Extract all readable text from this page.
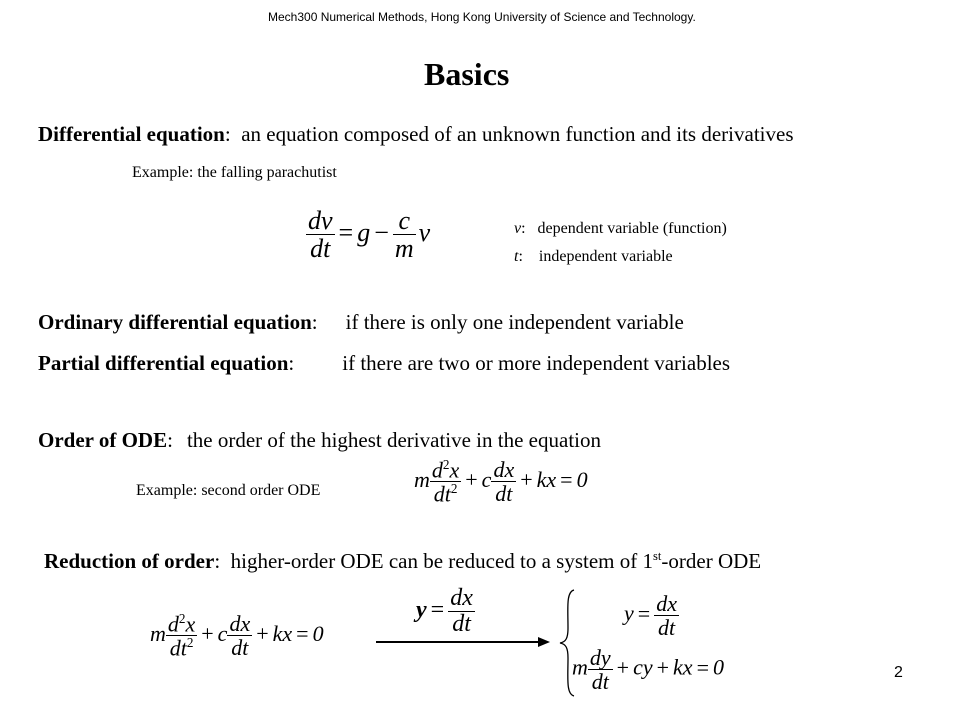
Mech300 Numerical Methods, Hong Kong University of Science and Technology.
Basics
Differential equation: an equation composed of an unknown function and its derivatives
Example: the falling parachutist
$\frac{dv}{dt} = g - \frac{c}{m}$ v	v:   dependent variable (function)
t:    independent variable
Ordinary differential equation: if there is only one independent variable
Partial differential equation: if there are two or more independent variables
Order of ODE: the order of the highest derivative in the equation
Example: second order ODE	m $\frac{d^2x}{dt^2} + c \frac{dx}{dt}$ + kx = 0
Reduction of order: higher-order ODE can be reduced to a system of 1st-order ODE
m $\frac{d^2x}{dt^2} + c \frac{dx}{dt}$ + kx = 0
$y = \frac{dx}{dt}$	$y = \frac{dx}{dt}$
m $\frac{dy}{dt}$ + cy + kx = 0	2
